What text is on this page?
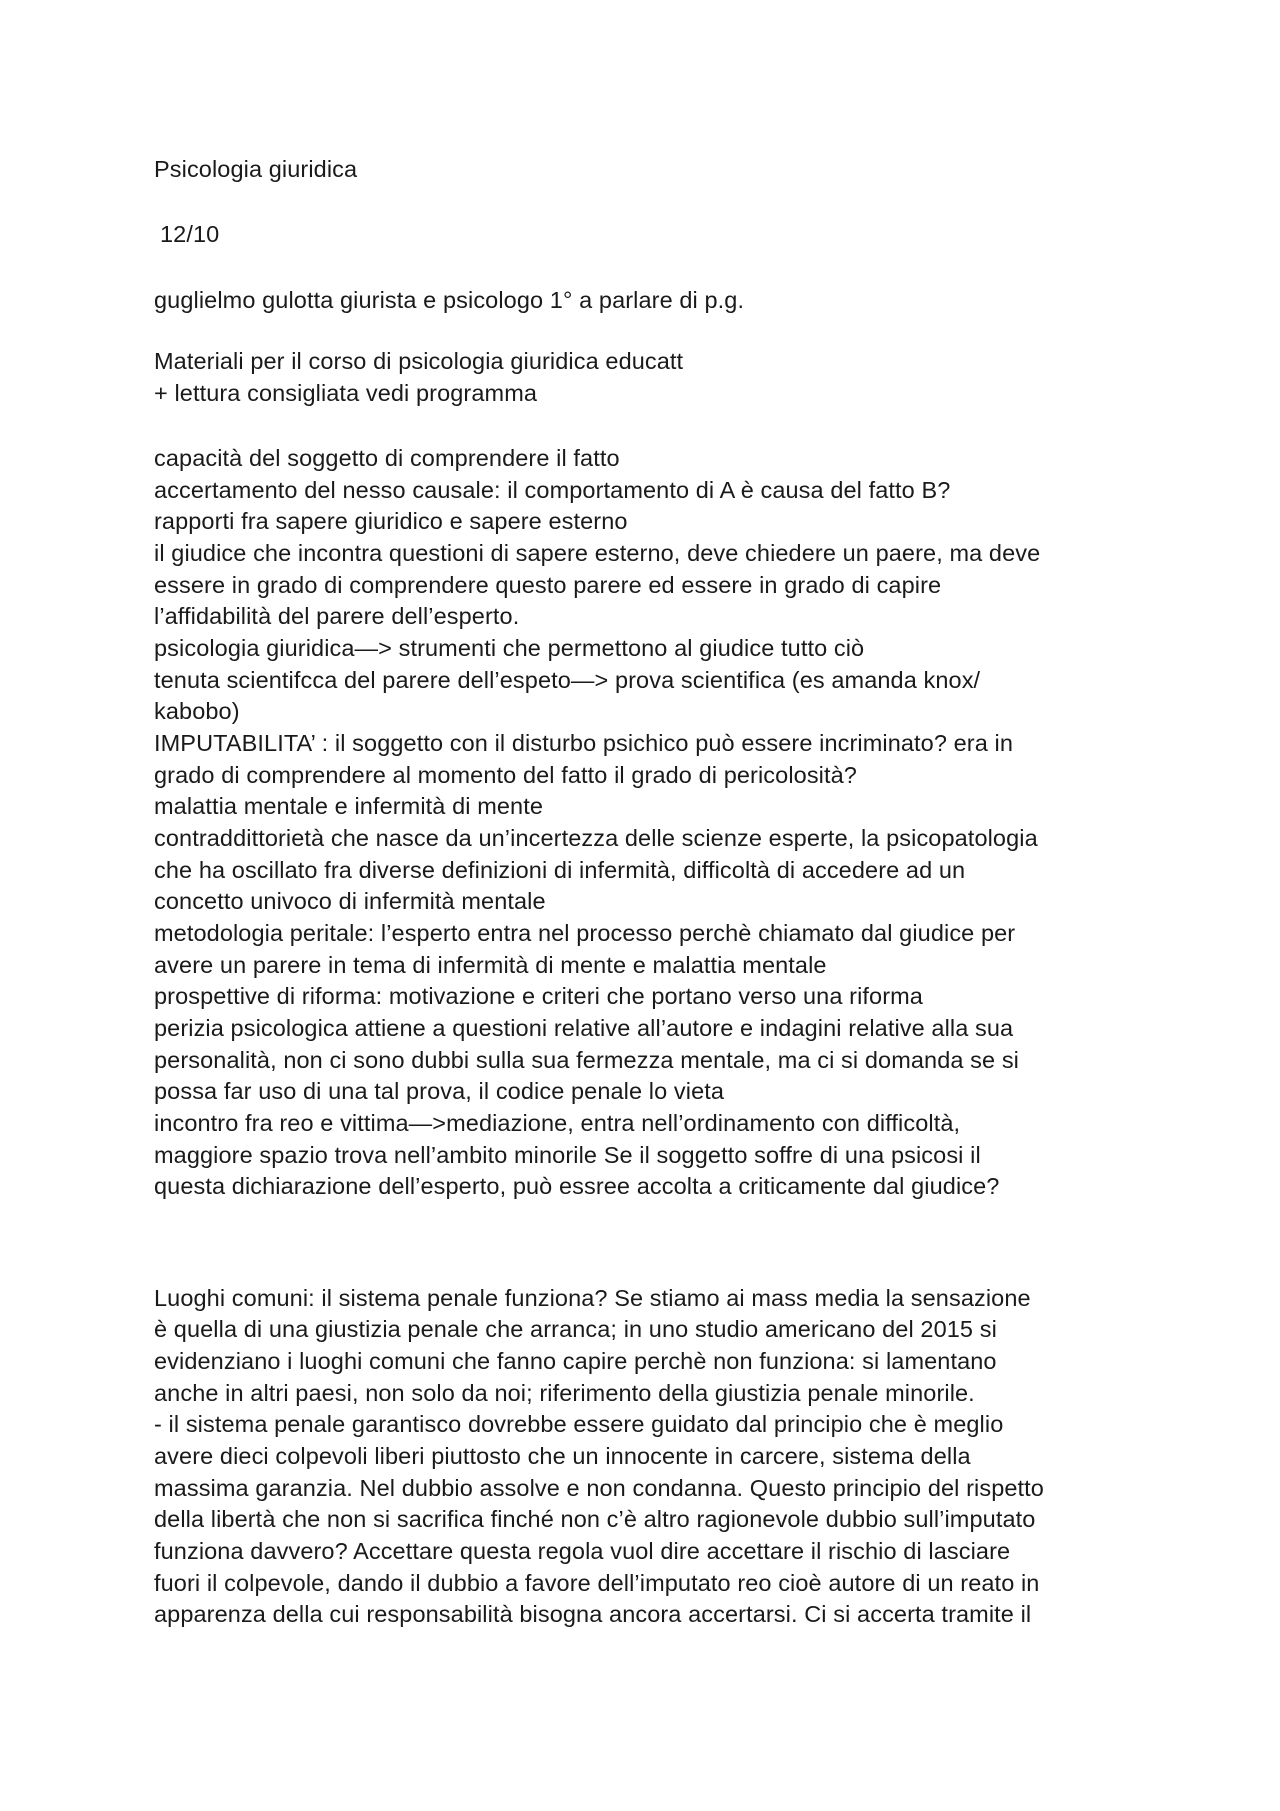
Psicologia giuridica
12/10
guglielmo gulotta giurista e psicologo 1° a parlare di p.g.
Materiali per il corso di psicologia giuridica educatt
+ lettura consigliata vedi programma
capacità del soggetto di comprendere il fatto
accertamento del nesso causale: il comportamento di A è causa del fatto B?
rapporti fra sapere giuridico e sapere esterno
il giudice che incontra questioni di sapere esterno, deve chiedere un paere, ma deve
essere in grado di comprendere questo parere ed essere in grado di capire
l’affidabilità del parere dell’esperto.
psicologia giuridica—> strumenti che permettono al giudice tutto ciò
tenuta scientifcca del parere dell’espeto—> prova scientifica (es amanda knox/
kabobo)
IMPUTABILITA’ : il soggetto con il disturbo psichico può essere incriminato? era in
grado di comprendere al momento del fatto il grado di pericolosità?
malattia mentale e infermità di mente
contraddittorietà che nasce da un’incertezza delle scienze esperte, la psicopatologia
che ha oscillato fra diverse definizioni di infermità, difficoltà di accedere ad un
concetto univoco di infermità mentale
metodologia peritale: l’esperto entra nel processo perchè chiamato dal giudice per
avere un parere in tema di infermità di mente e malattia mentale
prospettive di riforma: motivazione e criteri che portano verso una riforma
perizia psicologica attiene a questioni relative all’autore e indagini relative alla sua
personalità, non ci sono dubbi sulla sua fermezza mentale, ma ci si domanda se si
possa far uso di una tal prova, il codice penale lo vieta
incontro fra reo e vittima—>mediazione, entra nell’ordinamento con difficoltà,
maggiore spazio trova nell’ambito minorile Se il soggetto soffre di una psicosi il
questa dichiarazione dell’esperto, può essree accolta a criticamente dal giudice?
Luoghi comuni: il sistema penale funziona? Se stiamo ai mass media la sensazione
è quella di una giustizia penale che arranca; in uno studio americano del 2015 si
evidenziano i luoghi comuni che fanno capire perchè non funziona: si lamentano
anche in altri paesi, non solo da noi; riferimento della giustizia penale minorile.
- il sistema penale garantisco dovrebbe essere guidato dal principio che è meglio
avere dieci colpevoli liberi piuttosto che un innocente in carcere, sistema della
massima garanzia. Nel dubbio assolve e non condanna. Questo principio del rispetto
della libertà che non si sacrifica finché non c’è altro ragionevole dubbio sull’imputato
funziona davvero? Accettare questa regola vuol dire accettare il rischio di lasciare
fuori il colpevole, dando il dubbio a favore dell’imputato reo cioè autore di un reato in
apparenza della cui responsabilità bisogna ancora accertarsi. Ci si accerta tramite il
